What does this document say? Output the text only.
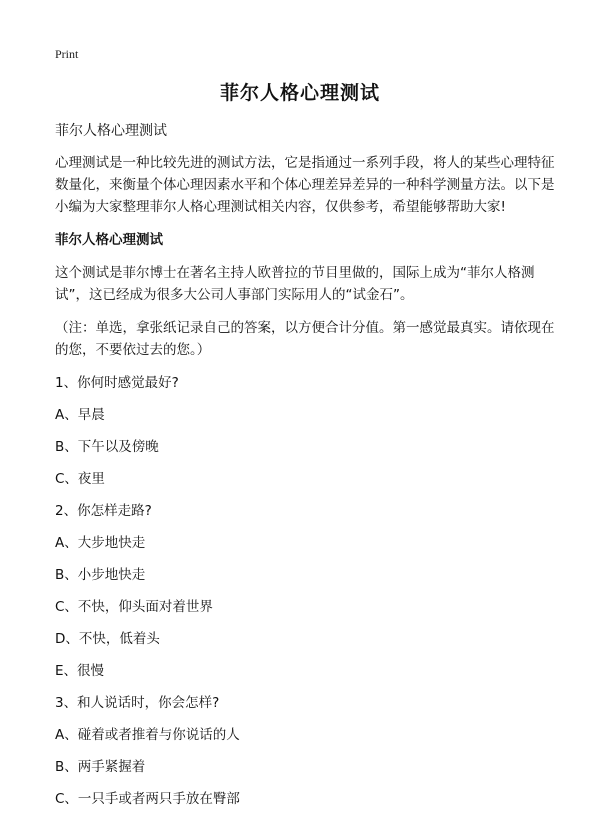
Print
菲尔人格心理测试

菲尔人格心理测试

心理测试是一种比较先进的测试方法，它是指通过一系列手段，将人的某些心理特征数量化，来衡量个体心理因素水平和个体心理差异差异的一种科学测量方法。以下是小编为大家整理菲尔人格心理测试相关内容，仅供参考，希望能够帮助大家!

菲尔人格心理测试

这个测试是菲尔博士在著名主持人欧普拉的节目里做的，国际上成为“菲尔人格测试”，这已经成为很多大公司人事部门实际用人的“试金石”。

（注：单选，拿张纸记录自己的答案，以方便合计分值。第一感觉最真实。请依现在的您，不要依过去的您。）

1、你何时感觉最好?

A、早晨

B、下午以及傍晚

C、夜里

2、你怎样走路?

A、大步地快走

B、小步地快走

C、不快，仰头面对着世界

D、不快，低着头

E、很慢

3、和人说话时，你会怎样?

A、碰着或者推着与你说话的人

B、两手紧握着

C、一只手或者两只手放在臀部
